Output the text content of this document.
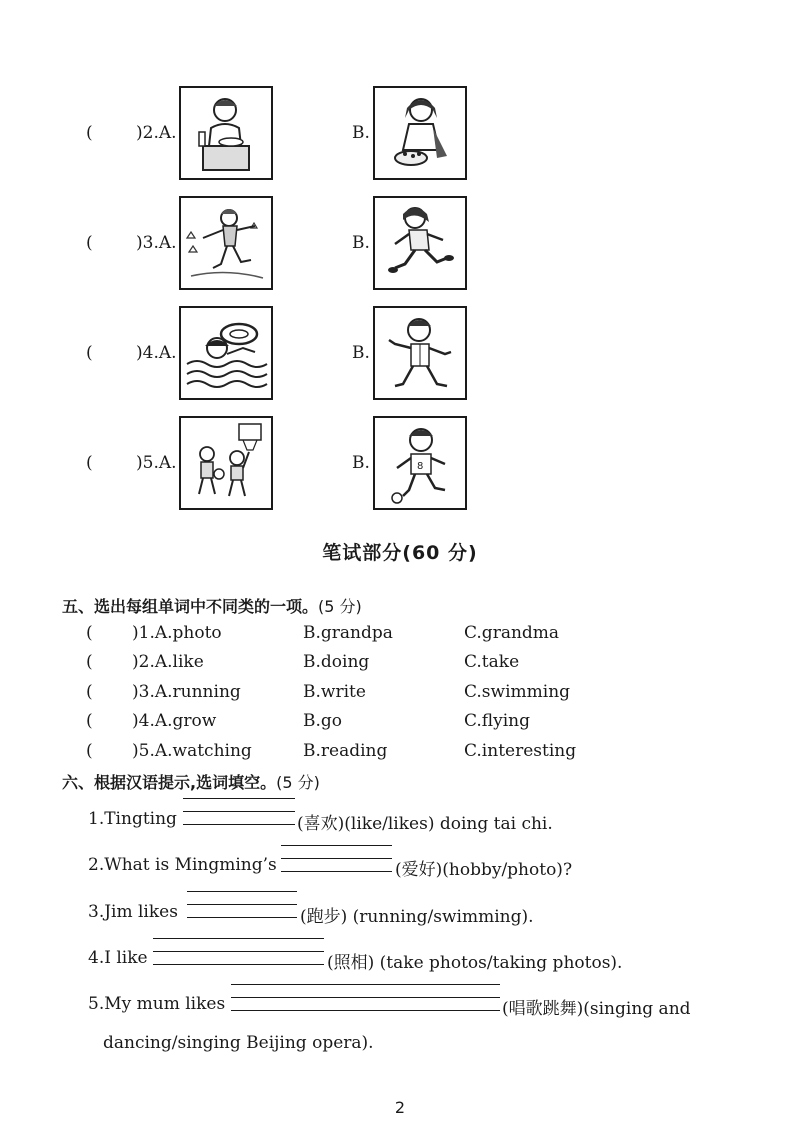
(	)2.A.	B.
(	)3.A.	B.
(	)4.A.	B.
(	)5.A.	B.	8
笔试部分(60 分)
五、选出每组单词中不同类的一项。(5 分)
( )1.A.photo	B.grandpa	C.grandma
( )2.A.like	B.doing	C.take
( )3.A.running	B.write	C.swimming
( )4.A.grow	B.go	C.flying
( )5.A.watching	B.reading	C.interesting
六、根据汉语提示,选词填空。(5 分)
1.Tingting	(喜欢)(like/likes) doing tai chi.
2.What is Mingming’s	(爱好)(hobby/photo)?
3.Jim likes	(跑步) (running/swimming).
4.I like	(照相) (take photos/taking photos).
5.My mum likes	(唱歌跳舞)(singing and
dancing/singing Beijing opera).
2
